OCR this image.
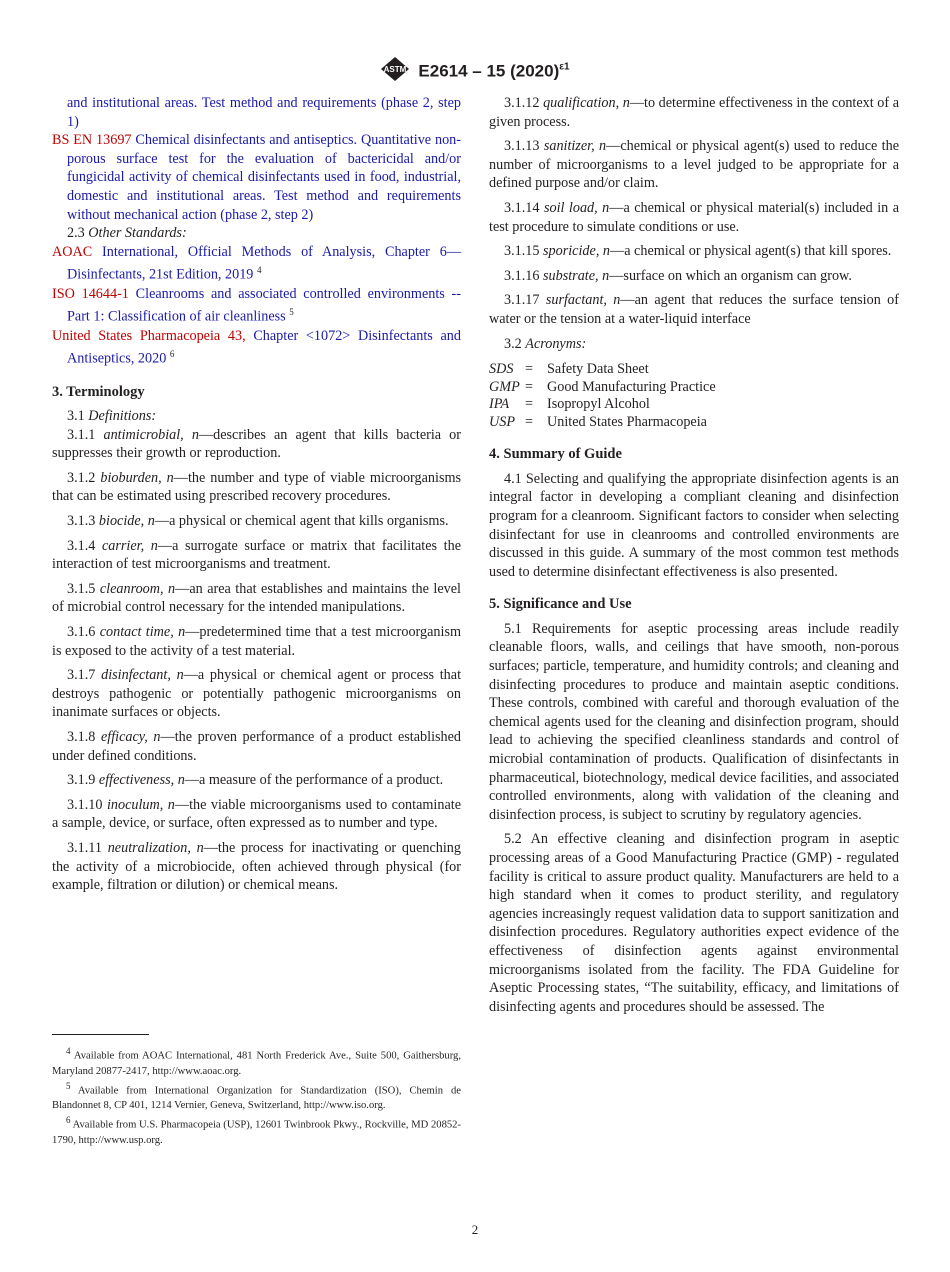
ASTM E2614 – 15 $(2020)^{\varepsilon 1}$

and institutional areas. Test method and requirements (phase 2, step 1)

BS EN 13697 Chemical disinfectants and antiseptics. Quantitative non-porous surface test for the evaluation of bactericidal and/or fungicidal activity of chemical disinfectants used in food, industrial, domestic and institutional areas. Test method and requirements without mechanical action (phase 2, step 2)

2.3 Other Standards:

AOAC International, Official Methods of Analysis, Chapter 6—Disinfectants, 21st Edition, 2019 $^4$

ISO 14644-1 Cleanrooms and associated controlled environments -- Part 1: Classification of air cleanliness $^5$

United States Pharmacopeia 43, Chapter <1072> Disinfectants and Antiseptics, 2020 $^6$

3. Terminology

3.1 Definitions:

3.1.1 antimicrobial, n—describes an agent that kills bacteria or suppresses their growth or reproduction.

3.1.2 bioburden, n—the number and type of viable microorganisms that can be estimated using prescribed recovery procedures.

3.1.3 biocide, n—a physical or chemical agent that kills organisms.

3.1.4 carrier, n—a surrogate surface or matrix that facilitates the interaction of test microorganisms and treatment.

3.1.5 cleanroom, n—an area that establishes and maintains the level of microbial control necessary for the intended manipulations.

3.1.6 contact time, n—predetermined time that a test microorganism is exposed to the activity of a test material.

3.1.7 disinfectant, n—a physical or chemical agent or process that destroys pathogenic or potentially pathogenic microorganisms on inanimate surfaces or objects.

3.1.8 efficacy, n—the proven performance of a product established under defined conditions.

3.1.9 effectiveness, n—a measure of the performance of a product.

3.1.10 inoculum, n—the viable microorganisms used to contaminate a sample, device, or surface, often expressed as to number and type.

3.1.11 neutralization, n—the process for inactivating or quenching the activity of a microbiocide, often achieved through physical (for example, filtration or dilution) or chemical means.

$^4$ Available from AOAC International, 481 North Frederick Ave., Suite 500, Gaithersburg, Maryland 20877-2417, http://www.aoac.org.

$^5$ Available from International Organization for Standardization (ISO), Chemin de Blandonnet 8, CP 401, 1214 Vernier, Geneva, Switzerland, http://www.iso.org.

$^6$ Available from U.S. Pharmacopeia (USP), 12601 Twinbrook Pkwy., Rockville, MD 20852-1790, http://www.usp.org.

3.1.12 qualification, n—to determine effectiveness in the context of a given process.

3.1.13 sanitizer, n—chemical or physical agent(s) used to reduce the number of microorganisms to a level judged to be appropriate for a defined purpose and/or claim.

3.1.14 soil load, n—a chemical or physical material(s) included in a test procedure to simulate conditions or use.

3.1.15 sporicide, n—a chemical or physical agent(s) that kill spores.

3.1.16 substrate, n—surface on which an organism can grow.

3.1.17 surfactant, n—an agent that reduces the surface tension of water or the tension at a water-liquid interface

3.2 Acronyms:

SDS	=	Safety Data Sheet
GMP	=	Good Manufacturing Practice
IPA	=	Isopropyl Alcohol
USP	=	United States Pharmacopeia
4. Summary of Guide

4.1 Selecting and qualifying the appropriate disinfection agents is an integral factor in developing a compliant cleaning and disinfection program for a cleanroom. Significant factors to consider when selecting disinfectant for use in cleanrooms and controlled environments are discussed in this guide. A summary of the most common test methods used to determine disinfectant effectiveness is also presented.

5. Significance and Use

5.1 Requirements for aseptic processing areas include readily cleanable floors, walls, and ceilings that have smooth, non-porous surfaces; particle, temperature, and humidity controls; and cleaning and disinfecting procedures to produce and maintain aseptic conditions. These controls, combined with careful and thorough evaluation of the chemical agents used for the cleaning and disinfection program, should lead to achieving the specified cleanliness standards and control of microbial contamination of products. Qualification of disinfectants in pharmaceutical, biotechnology, medical device facilities, and associated controlled environments, along with validation of the cleaning and disinfection process, is subject to scrutiny by regulatory agencies.

5.2 An effective cleaning and disinfection program in aseptic processing areas of a Good Manufacturing Practice (GMP) - regulated facility is critical to assure product quality. Manufacturers are held to a high standard when it comes to product sterility, and regulatory agencies increasingly request validation data to support sanitization and disinfection procedures. Regulatory authorities expect evidence of the effectiveness of disinfection agents against environmental microorganisms isolated from the facility. The FDA Guideline for Aseptic Processing states, “The suitability, efficacy, and limitations of disinfecting agents and procedures should be assessed. The

2
